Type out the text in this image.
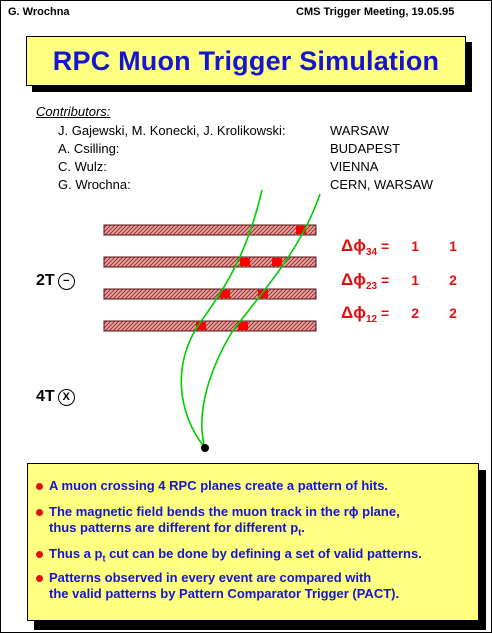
G. Wrochna	CMS Trigger Meeting, 19.05.95
RPC Muon Trigger Simulation
Contributors:
J. Gajewski, M. Konecki, J. Krolikowski:	WARSAW
A. Csilling:	BUDAPEST
C. Wulz:	VIENNA
G. Wrochna:	CERN, WARSAW
2T −
4T X
$\Delta\phi_{34} = 1$ 1
$\Delta\phi_{23} = 1$ 2
$\Delta\phi_{12} = 2$ 2
A muon crossing 4 RPC planes create a pattern of hits.
The magnetic field bends the muon track in the rϕ plane,
thus patterns are different for different $p_t$.
Thus a $p_t$ cut can be done by defining a set of valid patterns.
Patterns observed in every event are compared with
the valid patterns by Pattern Comparator Trigger (PACT).
